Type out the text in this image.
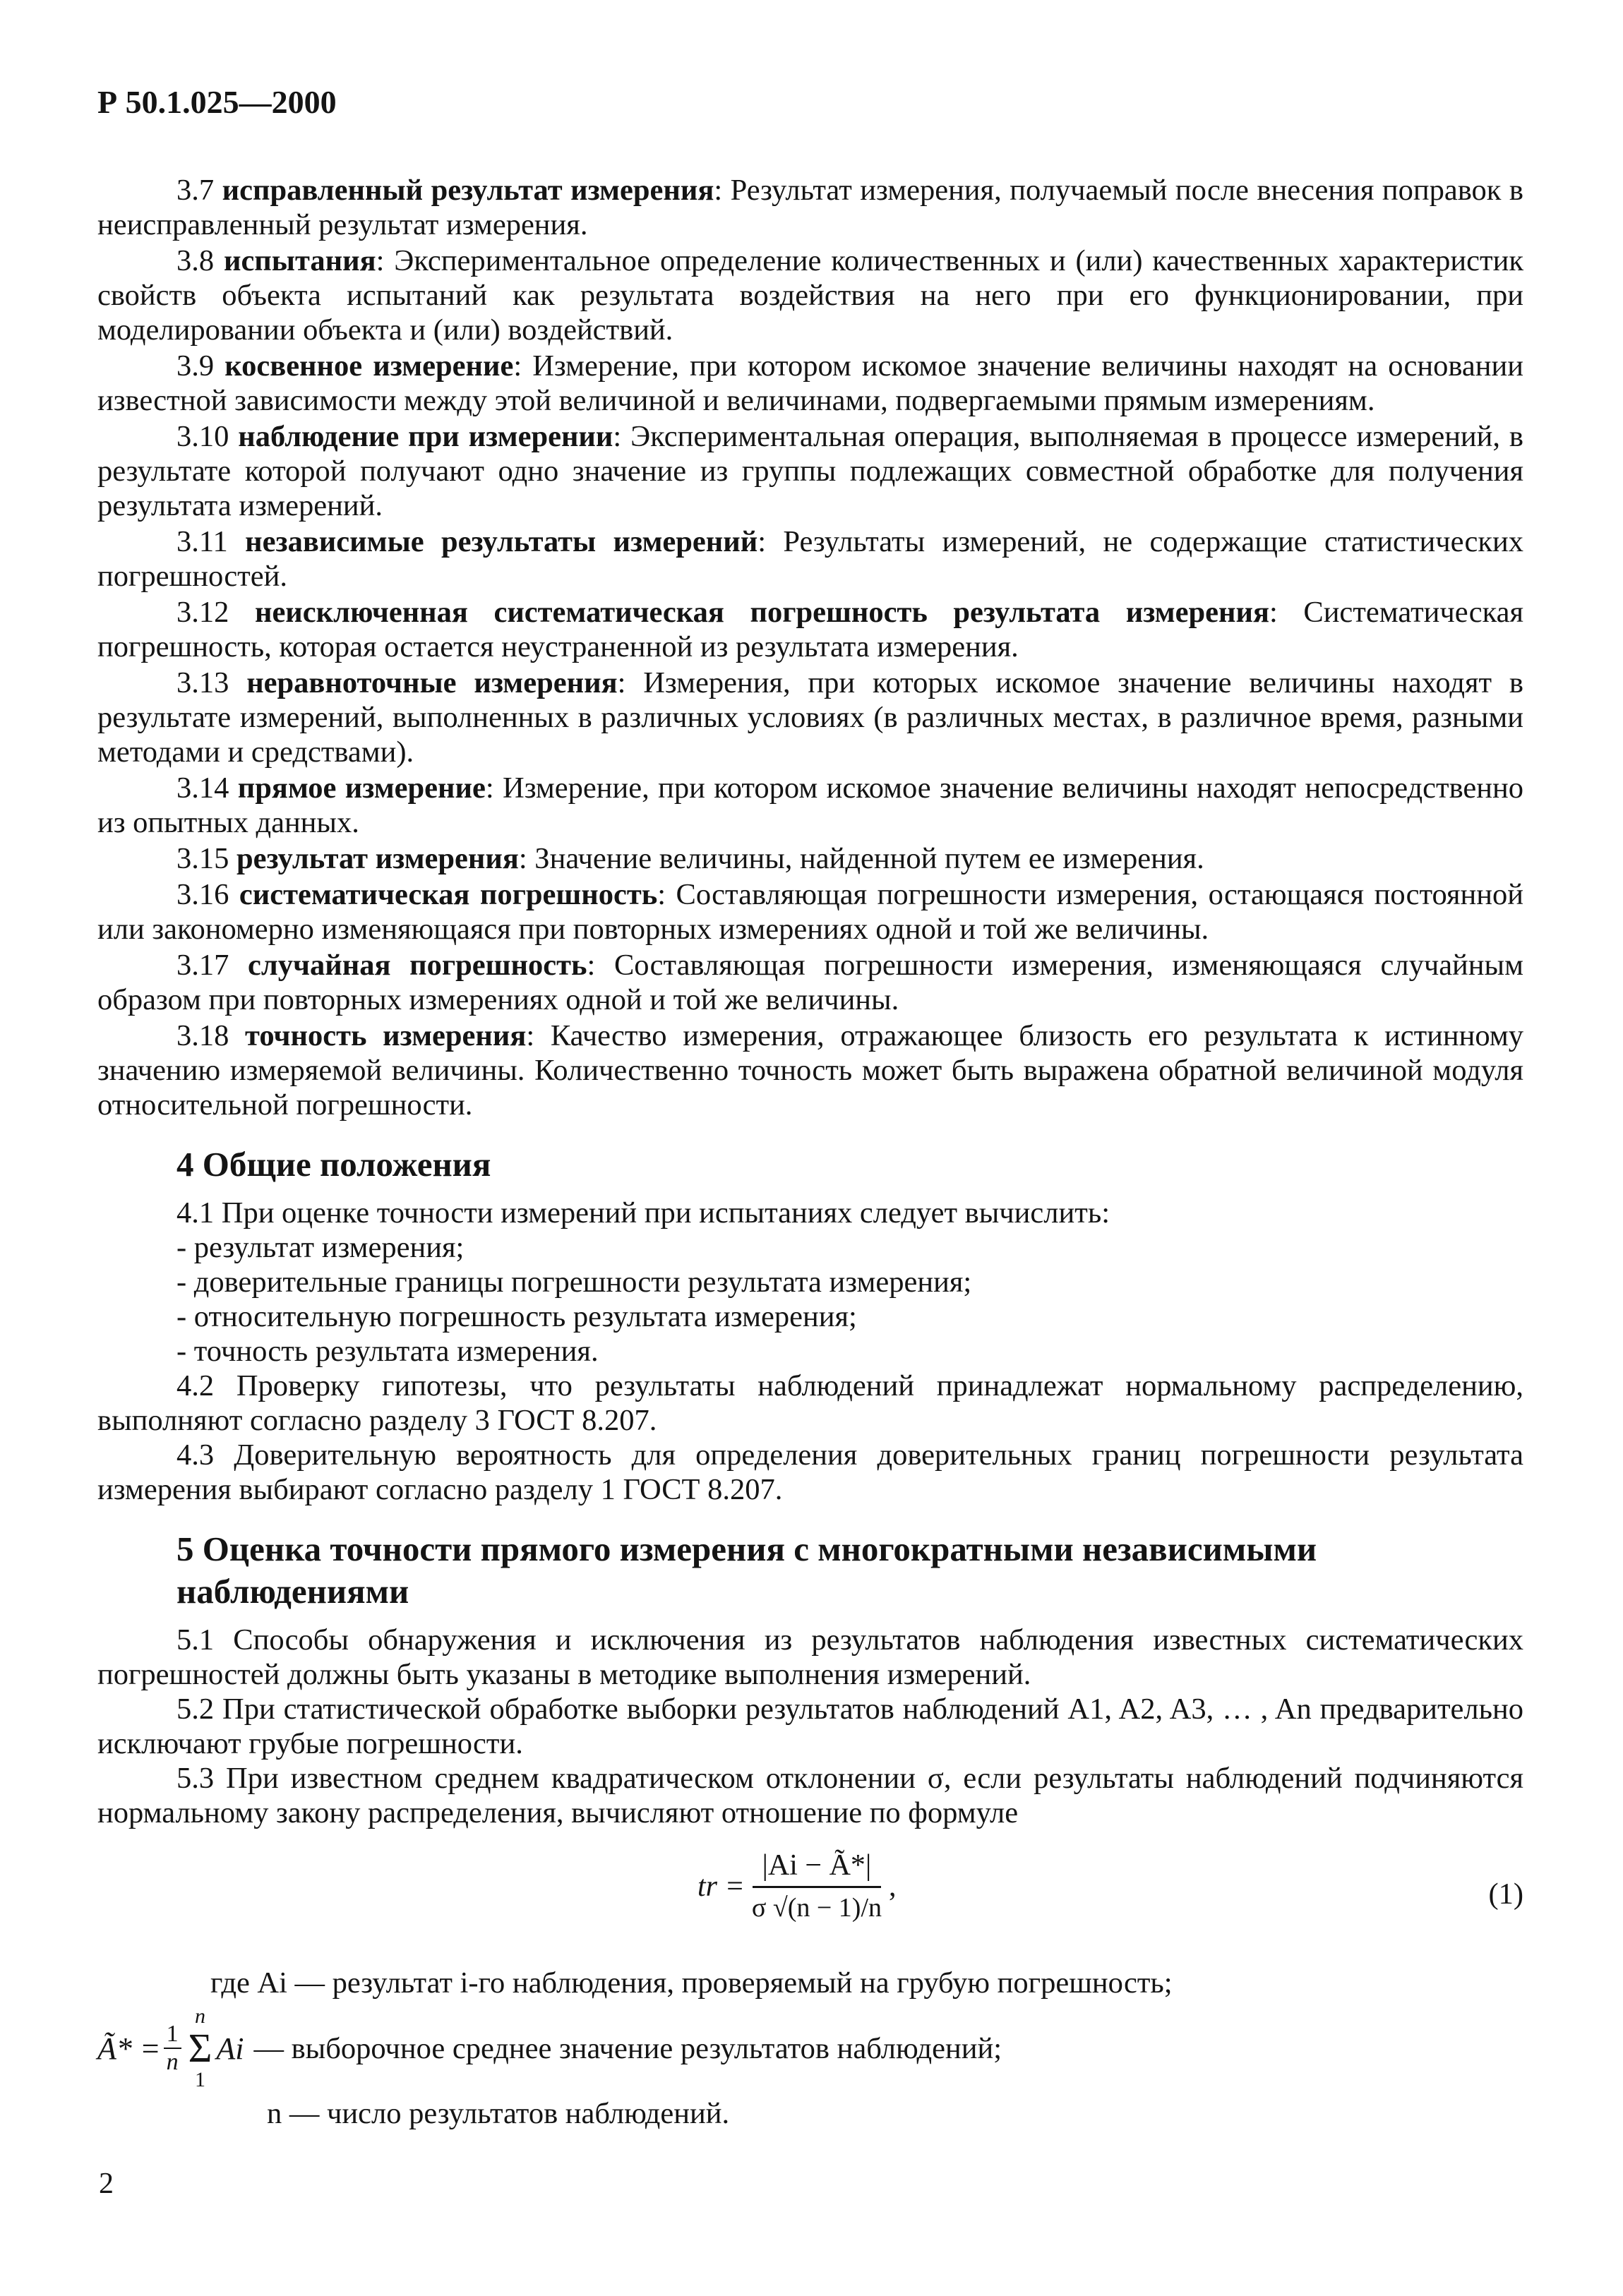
Р 50.1.025—2000

3.7 исправленный результат измерения: Результат измерения, получаемый после внесения поправок в неисправленный результат измерения.

3.8 испытания: Экспериментальное определение количественных и (или) качественных характеристик свойств объекта испытаний как результата воздействия на него при его функционировании, при моделировании объекта и (или) воздействий.

3.9 косвенное измерение: Измерение, при котором искомое значение величины находят на основании известной зависимости между этой величиной и величинами, подвергаемыми прямым измерениям.

3.10 наблюдение при измерении: Экспериментальная операция, выполняемая в процессе измерений, в результате которой получают одно значение из группы подлежащих совместной обработке для получения результата измерений.

3.11 независимые результаты измерений: Результаты измерений, не содержащие статистических погрешностей.

3.12 неисключенная систематическая погрешность результата измерения: Систематическая погрешность, которая остается неустраненной из результата измерения.

3.13 неравноточные измерения: Измерения, при которых искомое значение величины находят в результате измерений, выполненных в различных условиях (в различных местах, в различное время, разными методами и средствами).

3.14 прямое измерение: Измерение, при котором искомое значение величины находят непосредственно из опытных данных.

3.15 результат измерения: Значение величины, найденной путем ее измерения.

3.16 систематическая погрешность: Составляющая погрешности измерения, остающаяся постоянной или закономерно изменяющаяся при повторных измерениях одной и той же величины.

3.17 случайная погрешность: Составляющая погрешности измерения, изменяющаяся случайным образом при повторных измерениях одной и той же величины.

3.18 точность измерения: Качество измерения, отражающее близость его результата к истинному значению измеряемой величины. Количественно точность может быть выражена обратной величиной модуля относительной погрешности.

4 Общие положения

4.1 При оценке точности измерений при испытаниях следует вычислить:

- результат измерения;
- доверительные границы погрешности результата измерения;
- относительную погрешность результата измерения;
- точность результата измерения.

4.2 Проверку гипотезы, что результаты наблюдений принадлежат нормальному распределению, выполняют согласно разделу 3 ГОСТ 8.207.

4.3 Доверительную вероятность для определения доверительных границ погрешности результата измерения выбирают согласно разделу 1 ГОСТ 8.207.

5 Оценка точности прямого измерения с многократными независимыми наблюдениями

5.1 Способы обнаружения и исключения из результатов наблюдения известных систематических погрешностей должны быть указаны в методике выполнения измерений.

5.2 При статистической обработке выборки результатов наблюдений A1, A2, A3, … , An предварительно исключают грубые погрешности.

5.3 При известном среднем квадратическом отклонении σ, если результаты наблюдений подчиняются нормальному закону распределения, вычисляют отношение по формуле

tr = $\frac{|Ai - Ã*|}{\sigma √(n - 1)/n}$ ,	(1)
где Ai — результат i-го наблюдения, проверяемый на грубую погрешность;
Ã* = $\frac{1}{n}$
n
Σ
1
Ai — выборочное среднее значение результатов наблюдений;
n — число результатов наблюдений.
2
